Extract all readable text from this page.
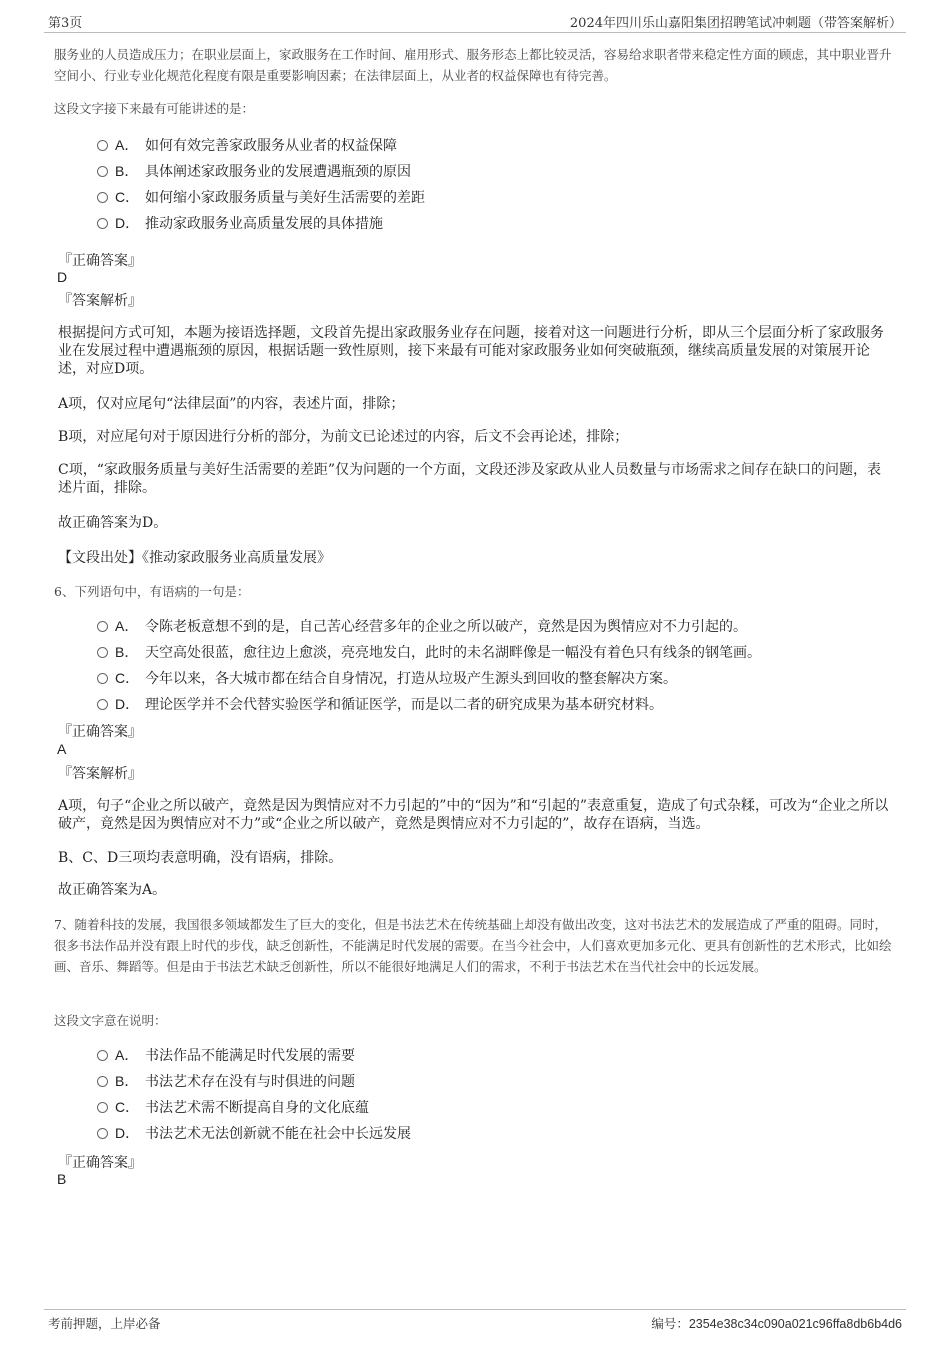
第3页	2024年四川乐山嘉阳集团招聘笔试冲刺题（带答案解析）
服务业的人员造成压力；在职业层面上，家政服务在工作时间、雇用形式、服务形态上都比较灵活，容易给求职者带来稳定性方面的顾虑，其中职业晋升空间小、行业专业化规范化程度有限是重要影响因素；在法律层面上，从业者的权益保障也有待完善。
这段文字接下来最有可能讲述的是：
A． 如何有效完善家政服务从业者的权益保障
B． 具体阐述家政服务业的发展遭遇瓶颈的原因
C． 如何缩小家政服务质量与美好生活需要的差距
D． 推动家政服务业高质量发展的具体措施
『正确答案』
D
『答案解析』
根据提问方式可知，本题为接语选择题，文段首先提出家政服务业存在问题，接着对这一问题进行分析，即从三个层面分析了家政服务业在发展过程中遭遇瓶颈的原因，根据话题一致性原则，接下来最有可能对家政服务业如何突破瓶颈，继续高质量发展的对策展开论述，对应D项。
A项，仅对应尾句“法律层面”的内容，表述片面，排除；
B项，对应尾句对于原因进行分析的部分，为前文已论述过的内容，后文不会再论述，排除；
C项，“家政服务质量与美好生活需要的差距”仅为问题的一个方面，文段还涉及家政从业人员数量与市场需求之间存在缺口的问题，表述片面，排除。
故正确答案为D。
【文段出处】《推动家政服务业高质量发展》
6、下列语句中，有语病的一句是：
A． 令陈老板意想不到的是，自己苦心经营多年的企业之所以破产，竟然是因为舆情应对不力引起的。
B． 天空高处很蓝，愈往边上愈淡，亮亮地发白，此时的未名湖畔像是一幅没有着色只有线条的钢笔画。
C． 今年以来，各大城市都在结合自身情况，打造从垃圾产生源头到回收的整套解决方案。
D． 理论医学并不会代替实验医学和循证医学，而是以二者的研究成果为基本研究材料。
『正确答案』
A
『答案解析』
A项，句子“企业之所以破产，竟然是因为舆情应对不力引起的”中的“因为”和“引起的”表意重复，造成了句式杂糅，可改为“企业之所以破产，竟然是因为舆情应对不力”或“企业之所以破产，竟然是舆情应对不力引起的”，故存在语病，当选。
B、C、D三项均表意明确，没有语病，排除。
故正确答案为A。
7、随着科技的发展，我国很多领域都发生了巨大的变化，但是书法艺术在传统基础上却没有做出改变，这对书法艺术的发展造成了严重的阻碍。同时，很多书法作品并没有跟上时代的步伐，缺乏创新性，不能满足时代发展的需要。在当今社会中，人们喜欢更加多元化、更具有创新性的艺术形式，比如绘画、音乐、舞蹈等。但是由于书法艺术缺乏创新性，所以不能很好地满足人们的需求，不利于书法艺术在当代社会中的长远发展。
这段文字意在说明：
A． 书法作品不能满足时代发展的需要
B． 书法艺术存在没有与时俱进的问题
C． 书法艺术需不断提高自身的文化底蕴
D． 书法艺术无法创新就不能在社会中长远发展
『正确答案』
B
考前押题，上岸必备	编号：2354e38c34c090a021c96ffa8db6b4d6
